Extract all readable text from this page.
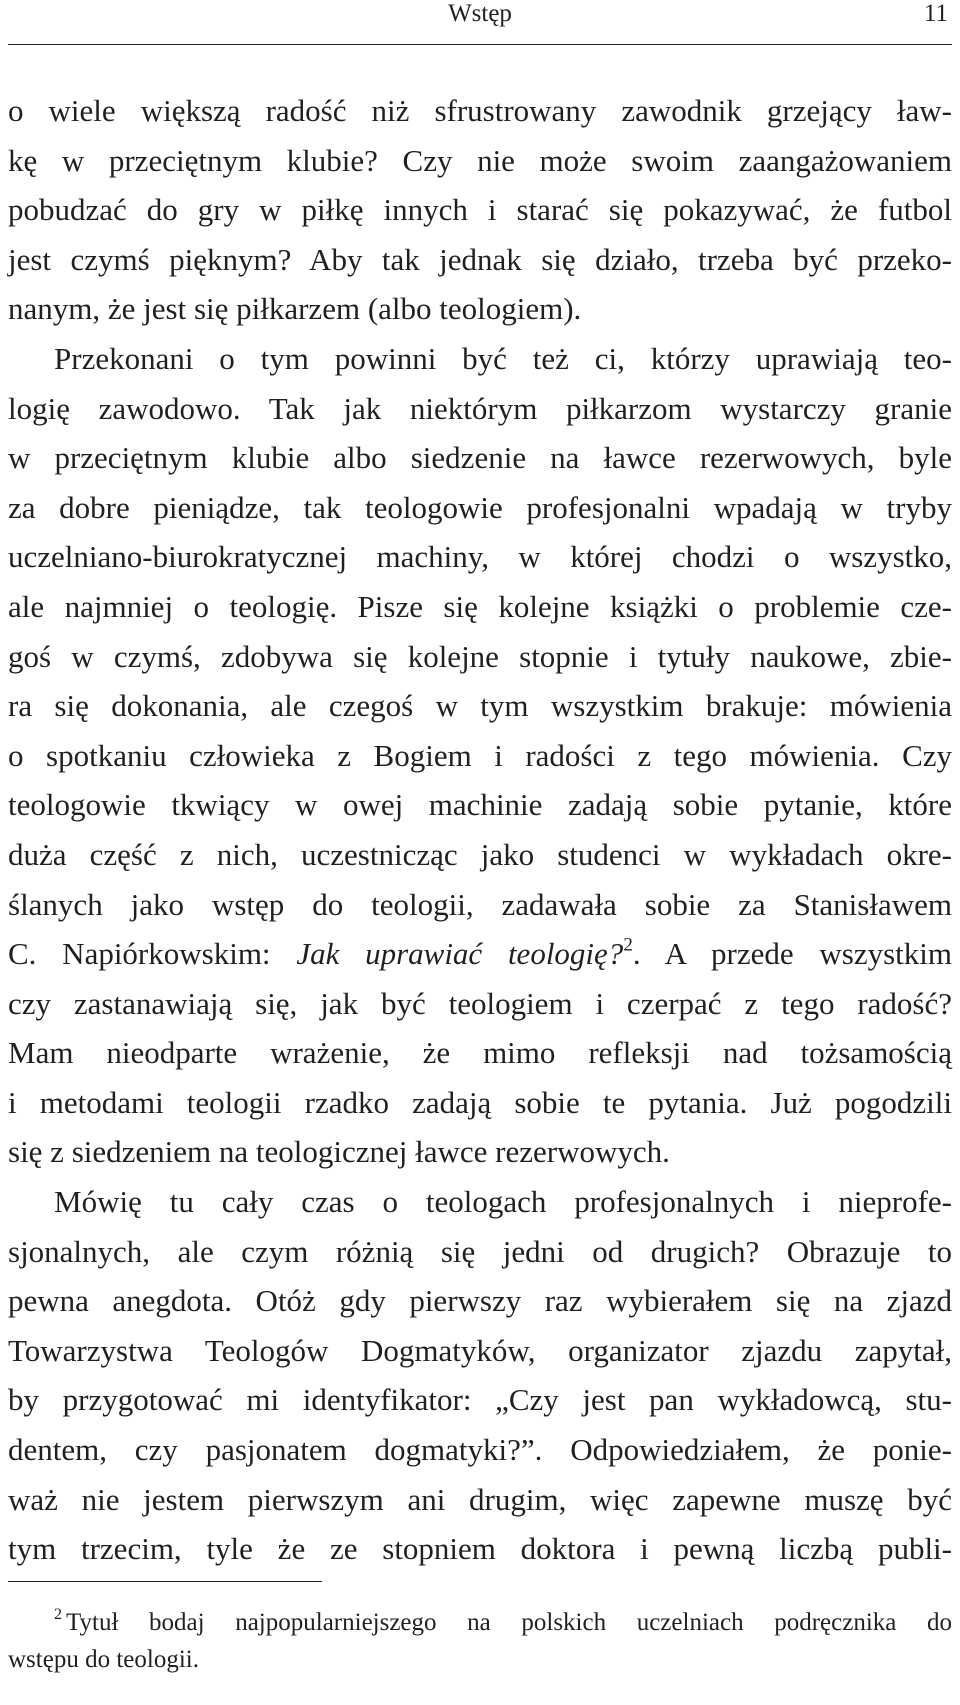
Wstęp	11
o wiele większą radość niż sfrustrowany zawodnik grzejący ław-
kę w przeciętnym klubie? Czy nie może swoim zaangażowaniem
pobudzać do gry w piłkę innych i starać się pokazywać, że futbol
jest czymś pięknym? Aby tak jednak się działo, trzeba być przeko-
nanym, że jest się piłkarzem (albo teologiem).
Przekonani o tym powinni być też ci, którzy uprawiają teo-
logię zawodowo. Tak jak niektórym piłkarzom wystarczy granie
w przeciętnym klubie albo siedzenie na ławce rezerwowych, byle
za dobre pieniądze, tak teologowie profesjonalni wpadają w tryby
uczelniano-biurokratycznej machiny, w której chodzi o wszystko,
ale najmniej o teologię. Pisze się kolejne książki o problemie cze-
goś w czymś, zdobywa się kolejne stopnie i tytuły naukowe, zbie-
ra się dokonania, ale czegoś w tym wszystkim brakuje: mówienia
o spotkaniu człowieka z Bogiem i radości z tego mówienia. Czy
teologowie tkwiący w owej machinie zadają sobie pytanie, które
duża część z nich, uczestnicząc jako studenci w wykładach okre-
ślanych jako wstęp do teologii, zadawała sobie za Stanisławem
C. Napiórkowskim: Jak uprawiać teologię?$^2$. A przede wszystkim
czy zastanawiają się, jak być teologiem i czerpać z tego radość?
Mam nieodparte wrażenie, że mimo refleksji nad tożsamością
i metodami teologii rzadko zadają sobie te pytania. Już pogodzili
się z siedzeniem na teologicznej ławce rezerwowych.
Mówię tu cały czas o teologach profesjonalnych i nieprofe-
sjonalnych, ale czym różnią się jedni od drugich? Obrazuje to
pewna anegdota. Otóż gdy pierwszy raz wybierałem się na zjazd
Towarzystwa Teologów Dogmatyków, organizator zjazdu zapytał,
by przygotować mi identyfikator: „Czy jest pan wykładowcą, stu-
dentem, czy pasjonatem dogmatyki?”. Odpowiedziałem, że ponie-
waż nie jestem pierwszym ani drugim, więc zapewne muszę być
tym trzecim, tyle że ze stopniem doktora i pewną liczbą publi-
$^2$ Tytuł bodaj najpopularniejszego na polskich uczelniach podręcznika do
wstępu do teologii.
